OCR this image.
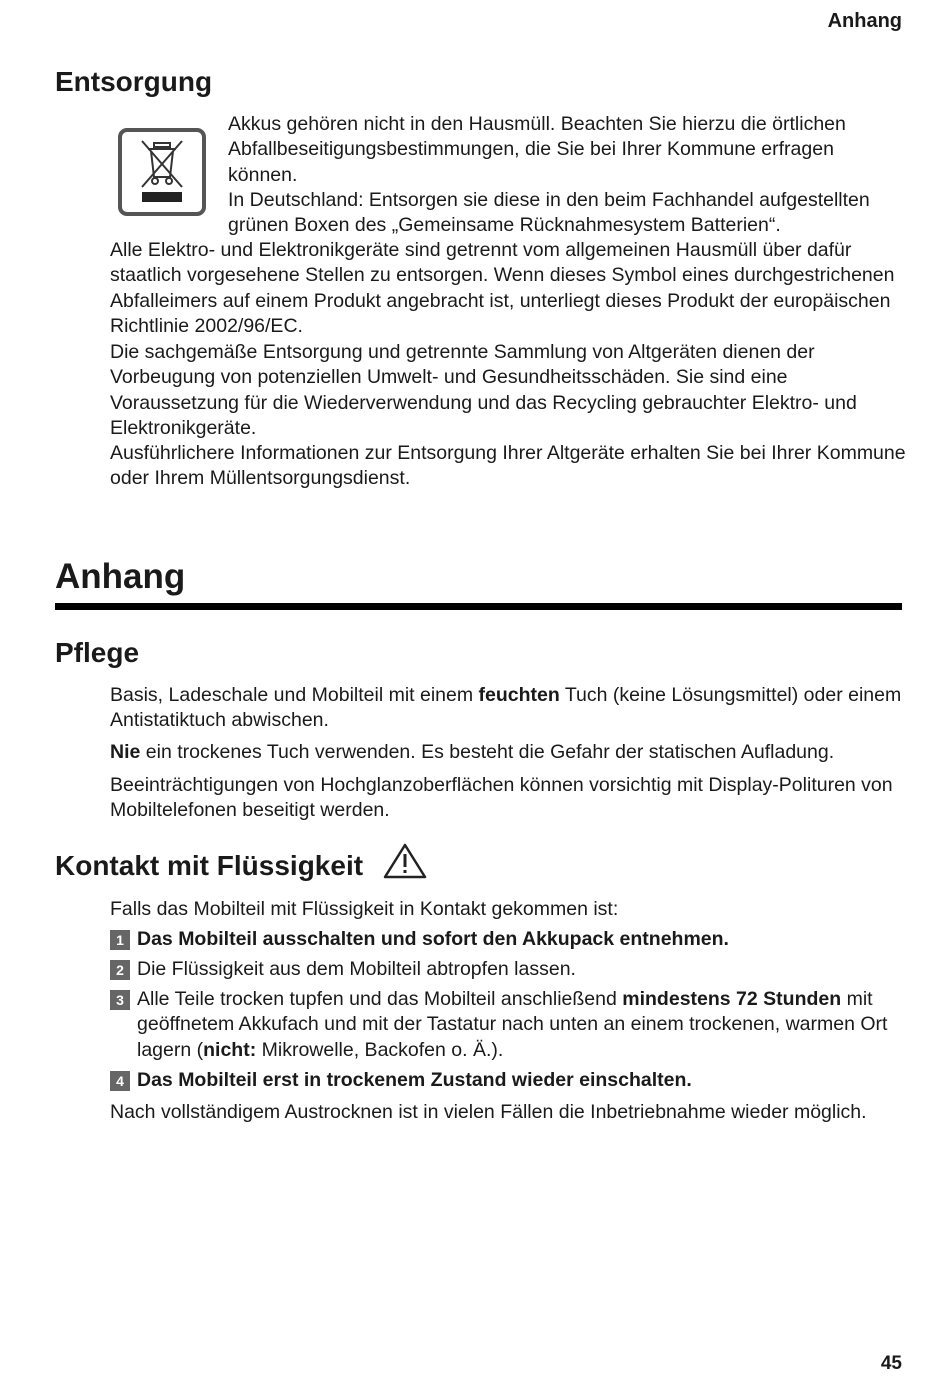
Anhang
Entsorgung

Akkus gehören nicht in den Hausmüll. Beachten Sie hierzu die örtlichen Abfallbeseitigungsbestimmungen, die Sie bei Ihrer Kommune erfragen können.

In Deutschland: Entsorgen sie diese in den beim Fachhandel aufgestellten grünen Boxen des „Gemeinsame Rücknahmesystem Batterien“.

Alle Elektro- und Elektronikgeräte sind getrennt vom allgemeinen Hausmüll über dafür staatlich vorgesehene Stellen zu entsorgen. Wenn dieses Symbol eines durchgestrichenen Abfalleimers auf einem Produkt angebracht ist, unterliegt dieses Produkt der europäischen Richtlinie 2002/96/EC.

Die sachgemäße Entsorgung und getrennte Sammlung von Altgeräten dienen der Vorbeugung von potenziellen Umwelt- und Gesundheitsschäden. Sie sind eine Voraussetzung für die Wiederverwendung und das Recycling gebrauchter Elektro- und Elektronikgeräte.

Ausführlichere Informationen zur Entsorgung Ihrer Altgeräte erhalten Sie bei Ihrer Kommune oder Ihrem Müllentsorgungsdienst.

Anhang
Pflege

Basis, Ladeschale und Mobilteil mit einem feuchten Tuch (keine Lösungsmittel) oder einem Antistatiktuch abwischen.

Nie ein trockenes Tuch verwenden. Es besteht die Gefahr der statischen Aufladung.

Beeinträchtigungen von Hochglanzoberflächen können vorsichtig mit Display-Polituren von Mobiltelefonen beseitigt werden.

Kontakt mit Flüssigkeit

Falls das Mobilteil mit Flüssigkeit in Kontakt gekommen ist:

1 Das Mobilteil ausschalten und sofort den Akkupack entnehmen.
2 Die Flüssigkeit aus dem Mobilteil abtropfen lassen.
3 Alle Teile trocken tupfen und das Mobilteil anschließend mindestens 72 Stunden mit geöffnetem Akkufach und mit der Tastatur nach unten an einem trockenen, warmen Ort lagern (nicht: Mikrowelle, Backofen o. Ä.).
4 Das Mobilteil erst in trockenem Zustand wieder einschalten.

Nach vollständigem Austrocknen ist in vielen Fällen die Inbetriebnahme wieder möglich.

45
